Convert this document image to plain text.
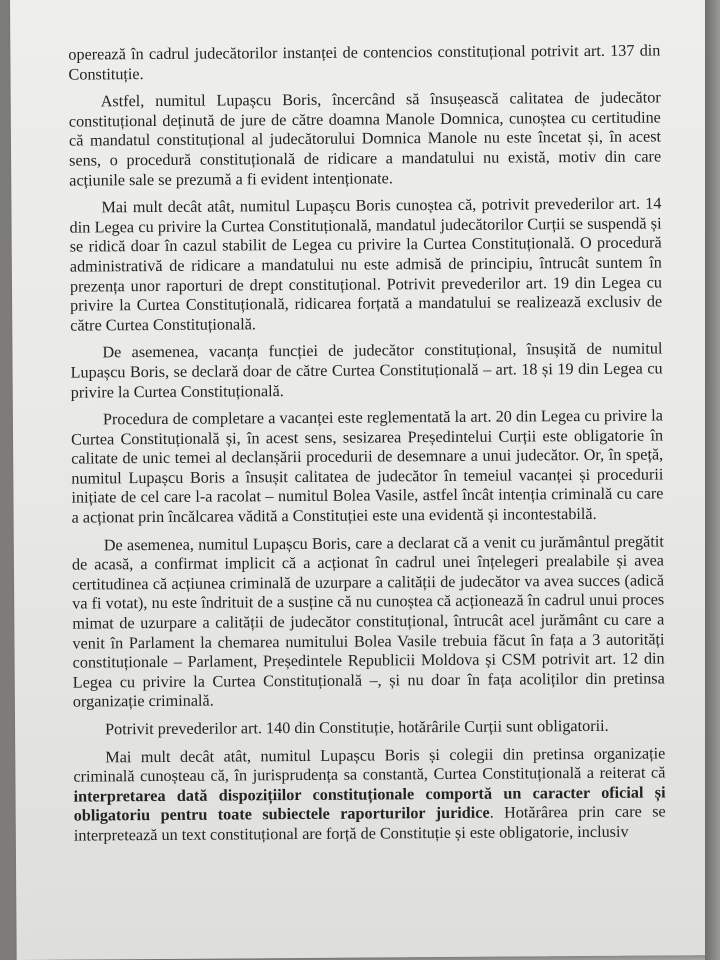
operează în cadrul judecătorilor instanței de contencios constituțional potrivit art. 137 din Constituție.

Astfel, numitul Lupașcu Boris, încercând să însușească calitatea de judecător constituțional deținută de jure de către doamna Manole Domnica, cunoștea cu certitudine că mandatul constituțional al judecătorului Domnica Manole nu este încetat și, în acest sens, o procedură constituțională de ridicare a mandatului nu există, motiv din care acțiunile sale se prezumă a fi evident intenționate.

Mai mult decât atât, numitul Lupașcu Boris cunoștea că, potrivit prevederilor art. 14 din Legea cu privire la Curtea Constituțională, mandatul judecătorilor Curții se suspendă și se ridică doar în cazul stabilit de Legea cu privire la Curtea Constituțională. O procedură administrativă de ridicare a mandatului nu este admisă de principiu, întrucât suntem în prezența unor raporturi de drept constituțional. Potrivit prevederilor art. 19 din Legea cu privire la Curtea Constituțională, ridicarea forțată a mandatului se realizează exclusiv de către Curtea Constituțională.

De asemenea, vacanța funcției de judecător constituțional, însușită de numitul Lupașcu Boris, se declară doar de către Curtea Constituțională – art. 18 și 19 din Legea cu privire la Curtea Constituțională.

Procedura de completare a vacanței este reglementată la art. 20 din Legea cu privire la Curtea Constituțională și, în acest sens, sesizarea Președintelui Curții este obligatorie în calitate de unic temei al declanșării procedurii de desemnare a unui judecător. Or, în speță, numitul Lupașcu Boris a însușit calitatea de judecător în temeiul vacanței și procedurii inițiate de cel care l-a racolat – numitul Bolea Vasile, astfel încât intenția criminală cu care a acționat prin încălcarea vădită a Constituției este una evidentă și incontestabilă.

De asemenea, numitul Lupașcu Boris, care a declarat că a venit cu jurământul pregătit de acasă, a confirmat implicit că a acționat în cadrul unei înțelegeri prealabile și avea certitudinea că acțiunea criminală de uzurpare a calității de judecător va avea succes (adică va fi votat), nu este îndrituit de a susține că nu cunoștea că acționează în cadrul unui proces mimat de uzurpare a calității de judecător constituțional, întrucât acel jurământ cu care a venit în Parlament la chemarea numitului Bolea Vasile trebuia făcut în fața a 3 autorități constituționale – Parlament, Președintele Republicii Moldova și CSM potrivit art. 12 din Legea cu privire la Curtea Constituțională –, și nu doar în fața acoliților din pretinsa organizație criminală.

Potrivit prevederilor art. 140 din Constituție, hotărârile Curții sunt obligatorii.

Mai mult decât atât, numitul Lupașcu Boris și colegii din pretinsa organizație criminală cunoșteau că, în jurisprudența sa constantă, Curtea Constituțională a reiterat că interpretarea dată dispozițiilor constituționale comportă un caracter oficial și obligatoriu pentru toate subiectele raporturilor juridice. Hotărârea prin care se interpretează un text constituțional are forță de Constituție și este obligatorie, inclusiv
